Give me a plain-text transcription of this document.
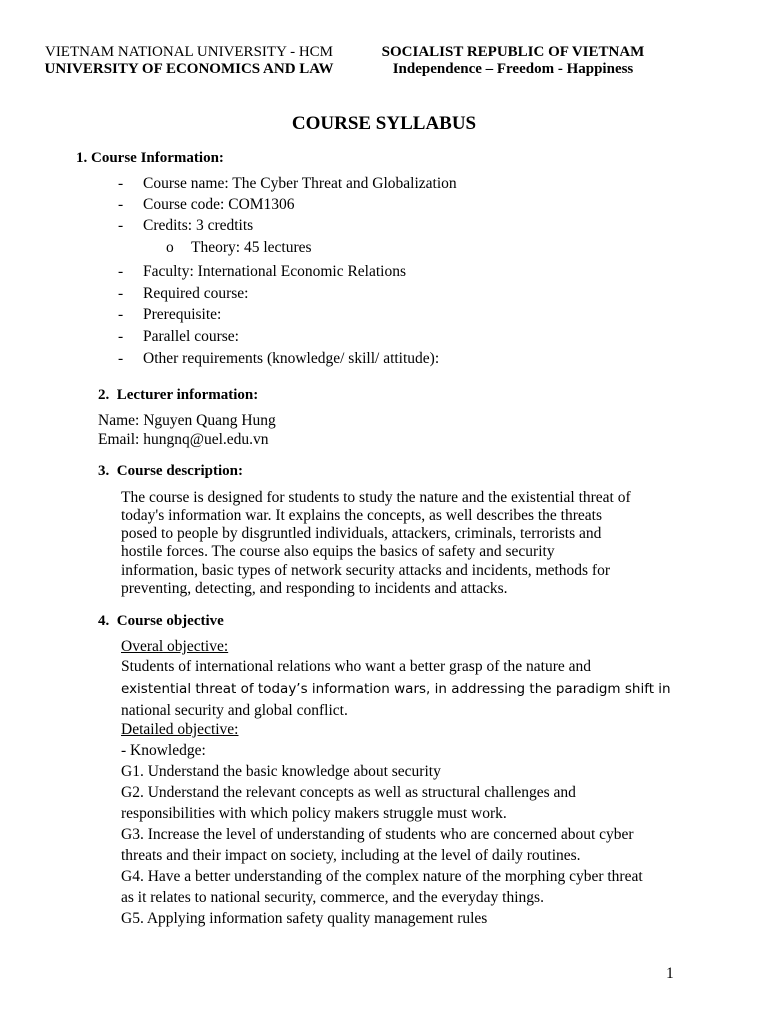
VIETNAM NATIONAL UNIVERSITY - HCM
UNIVERSITY OF ECONOMICS AND LAW
SOCIALIST REPUBLIC OF VIETNAM
Independence – Freedom - Happiness
COURSE SYLLABUS
1. Course Information:
- Course name: The Cyber Threat and Globalization
- Course code: COM1306
- Credits: 3 credtits
o Theory: 45 lectures
- Faculty: International Economic Relations
- Required course:
- Prerequisite:
- Parallel course:
- Other requirements (knowledge/ skill/ attitude):
2.  Lecturer information:
Name: Nguyen Quang Hung
Email: hungnq@uel.edu.vn
3.  Course description:
The course is designed for students to study the nature and the existential threat of
today's information war. It explains the concepts, as well describes the threats
posed to people by disgruntled individuals, attackers, criminals, terrorists and
hostile forces. The course also equips the basics of safety and security
information, basic types of network security attacks and incidents, methods for
preventing, detecting, and responding to incidents and attacks.
4.  Course objective
Overal objective:
Students of international relations who want a better grasp of the nature and
existential threat of today’s information wars, in addressing the paradigm shift in
national security and global conflict.
Detailed objective:
- Knowledge:
G1. Understand the basic knowledge about security
G2. Understand the relevant concepts as well as structural challenges and
responsibilities with which policy makers struggle must work.
G3. Increase the level of understanding of students who are concerned about cyber
threats and their impact on society, including at the level of daily routines.
G4. Have a better understanding of the complex nature of the morphing cyber threat
as it relates to national security, commerce, and the everyday things.
G5. Applying information safety quality management rules
1
